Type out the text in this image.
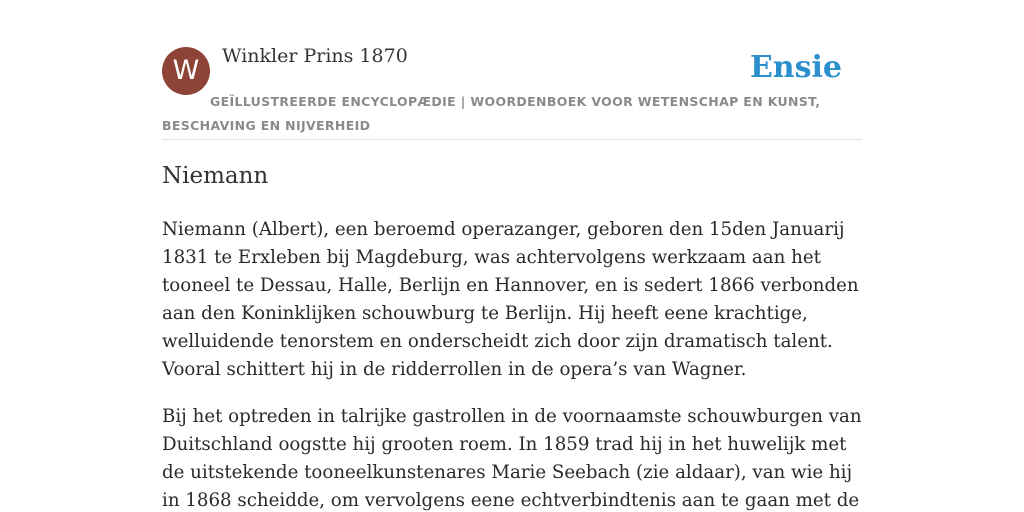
W	Winkler Prins 1870	Ensie
GEÏLLUSTREERDE ENCYCLOPÆDIE | WOORDENBOEK VOOR WETENSCHAP EN KUNST, BESCHAVING EN NIJVERHEID
Niemann

Niemann (Albert), een beroemd operazanger, geboren den 15den Januarij 1831 te Erxleben bij Magdeburg, was achtervolgens werkzaam aan het tooneel te Dessau, Halle, Berlijn en Hannover, en is sedert 1866 verbonden aan den Koninklijken schouwburg te Berlijn. Hij heeft eene krachtige, welluidende tenorstem en onderscheidt zich door zijn dramatisch talent. Vooral schittert hij in de ridderrollen in de opera’s van Wagner.

Bij het optreden in talrijke gastrollen in de voornaamste schouwburgen van Duitschland oogstte hij grooten roem. In 1859 trad hij in het huwelijk met de uitstekende tooneelkunstenares Marie Seebach (zie aldaar), van wie hij in 1868 scheidde, om vervolgens eene echtverbindtenis aan te gaan met de
